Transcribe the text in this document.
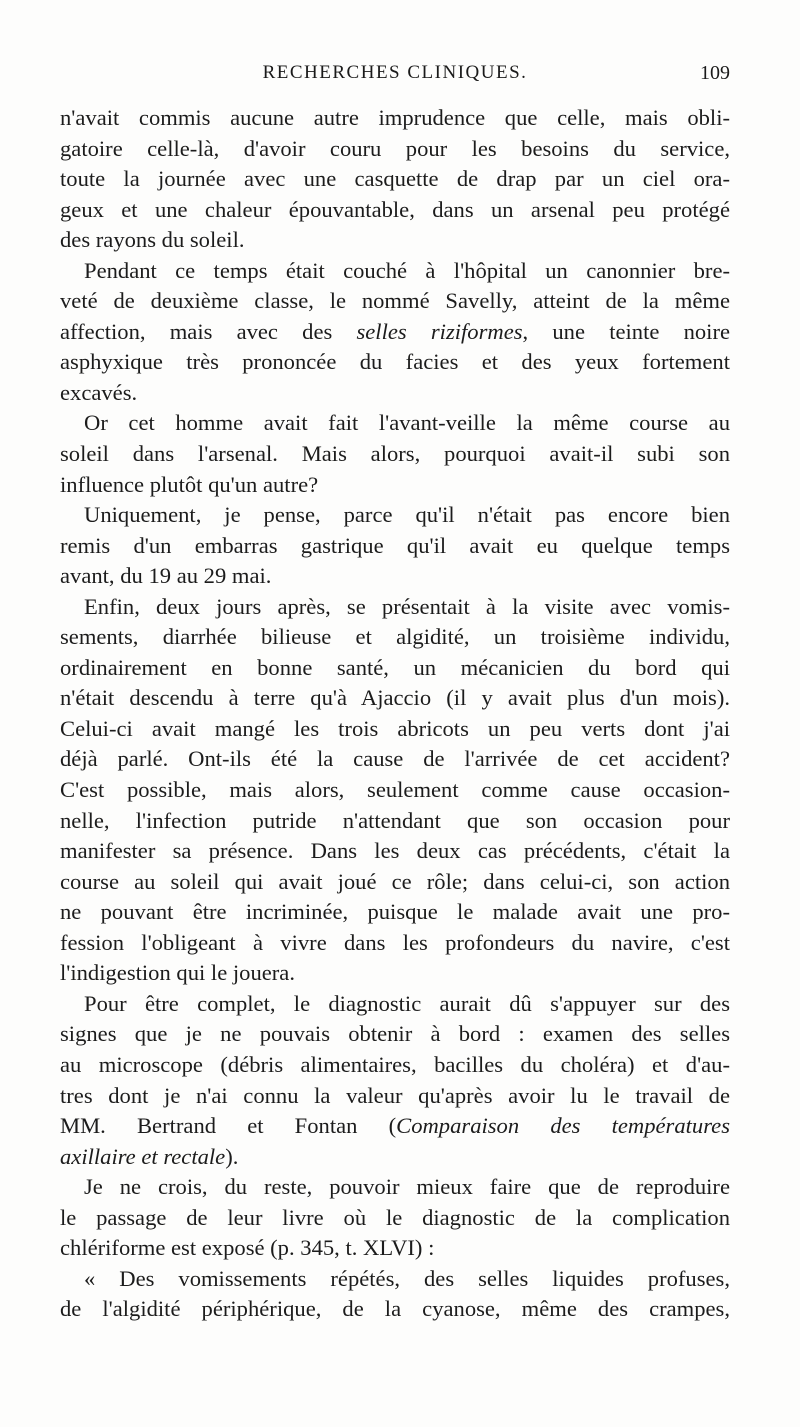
RECHERCHES CLINIQUES.	109
n'avait commis aucune autre imprudence que celle, mais obli-
gatoire celle-là, d'avoir couru pour les besoins du service,
toute la journée avec une casquette de drap par un ciel ora-
geux et une chaleur épouvantable, dans un arsenal peu protégé
des rayons du soleil.
Pendant ce temps était couché à l'hôpital un canonnier bre-
veté de deuxième classe, le nommé Savelly, atteint de la même
affection, mais avec des selles riziformes, une teinte noire
asphyxique très prononcée du facies et des yeux fortement
excavés.
Or cet homme avait fait l'avant-veille la même course au
soleil dans l'arsenal. Mais alors, pourquoi avait-il subi son
influence plutôt qu'un autre?
Uniquement, je pense, parce qu'il n'était pas encore bien
remis d'un embarras gastrique qu'il avait eu quelque temps
avant, du 19 au 29 mai.
Enfin, deux jours après, se présentait à la visite avec vomis-
sements, diarrhée bilieuse et algidité, un troisième individu,
ordinairement en bonne santé, un mécanicien du bord qui
n'était descendu à terre qu'à Ajaccio (il y avait plus d'un mois).
Celui-ci avait mangé les trois abricots un peu verts dont j'ai
déjà parlé. Ont-ils été la cause de l'arrivée de cet accident?
C'est possible, mais alors, seulement comme cause occasion-
nelle, l'infection putride n'attendant que son occasion pour
manifester sa présence. Dans les deux cas précédents, c'était la
course au soleil qui avait joué ce rôle; dans celui-ci, son action
ne pouvant être incriminée, puisque le malade avait une pro-
fession l'obligeant à vivre dans les profondeurs du navire, c'est
l'indigestion qui le jouera.
Pour être complet, le diagnostic aurait dû s'appuyer sur des
signes que je ne pouvais obtenir à bord : examen des selles
au microscope (débris alimentaires, bacilles du choléra) et d'au-
tres dont je n'ai connu la valeur qu'après avoir lu le travail de
MM. Bertrand et Fontan (Comparaison des températures
axillaire et rectale).
Je ne crois, du reste, pouvoir mieux faire que de reproduire
le passage de leur livre où le diagnostic de la complication
chlériforme est exposé (p. 345, t. XLVI) :
« Des vomissements répétés, des selles liquides profuses,
de l'algidité périphérique, de la cyanose, même des crampes,
